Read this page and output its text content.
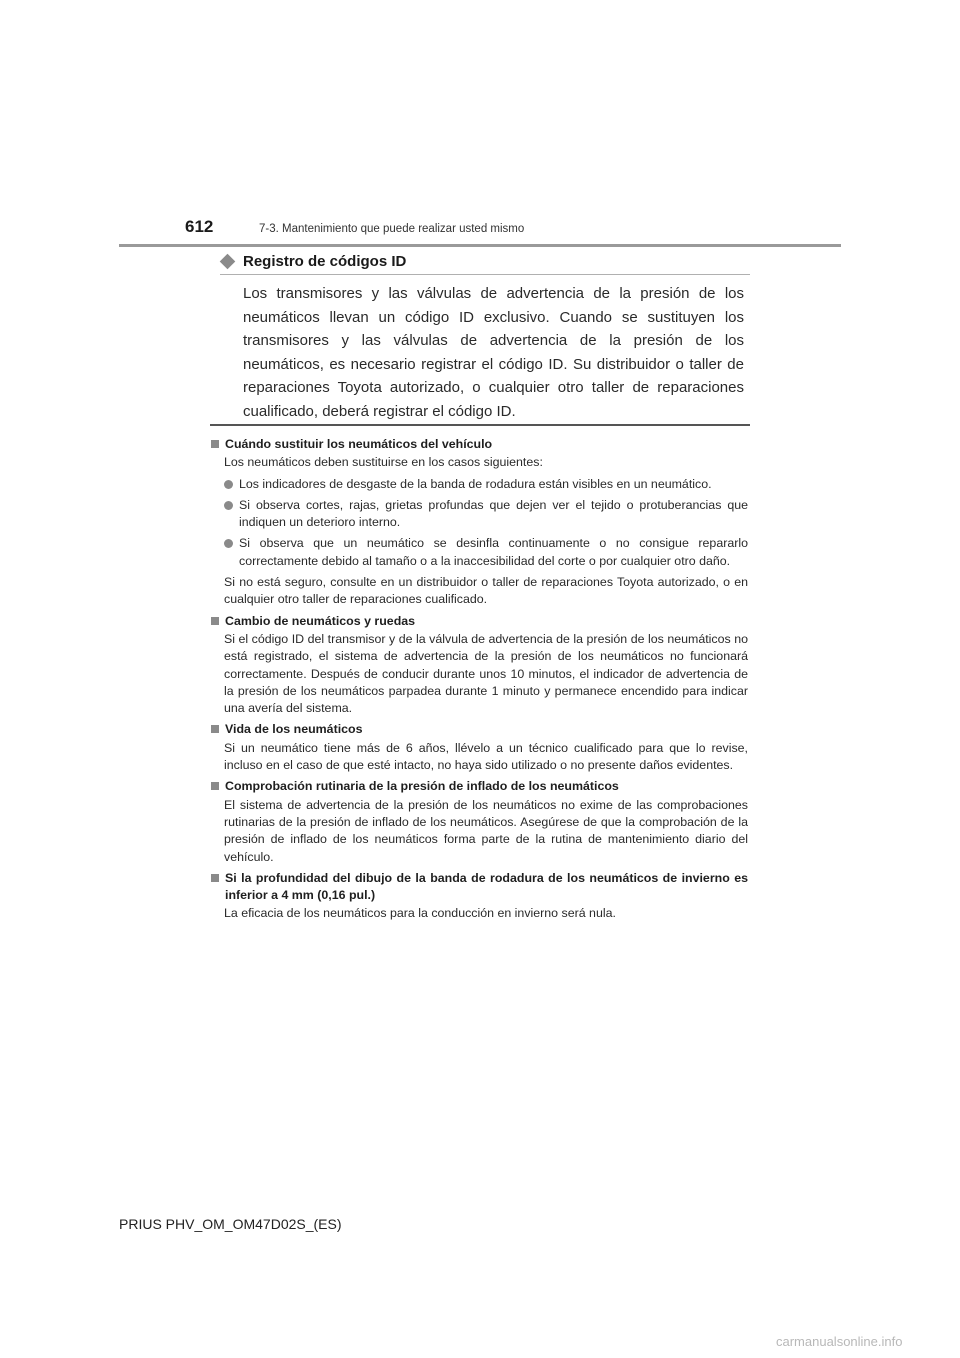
612	7-3. Mantenimiento que puede realizar usted mismo
Registro de códigos ID
Los transmisores y las válvulas de advertencia de la presión de los neumáticos llevan un código ID exclusivo. Cuando se sustituyen los transmisores y las válvulas de advertencia de la presión de los neumáticos, es necesario registrar el código ID. Su distribuidor o taller de reparaciones Toyota autorizado, o cualquier otro taller de reparaciones cualificado, deberá registrar el código ID.
Cuándo sustituir los neumáticos del vehículo
Los neumáticos deben sustituirse en los casos siguientes:
Los indicadores de desgaste de la banda de rodadura están visibles en un neumático.
Si observa cortes, rajas, grietas profundas que dejen ver el tejido o protuberancias que indiquen un deterioro interno.
Si observa que un neumático se desinfla continuamente o no consigue repararlo correctamente debido al tamaño o a la inaccesibilidad del corte o por cualquier otro daño.
Si no está seguro, consulte en un distribuidor o taller de reparaciones Toyota autorizado, o en cualquier otro taller de reparaciones cualificado.
Cambio de neumáticos y ruedas
Si el código ID del transmisor y de la válvula de advertencia de la presión de los neumáticos no está registrado, el sistema de advertencia de la presión de los neumáticos no funcionará correctamente. Después de conducir durante unos 10 minutos, el indicador de advertencia de la presión de los neumáticos parpadea durante 1 minuto y permanece encendido para indicar una avería del sistema.
Vida de los neumáticos
Si un neumático tiene más de 6 años, llévelo a un técnico cualificado para que lo revise, incluso en el caso de que esté intacto, no haya sido utilizado o no presente daños evidentes.
Comprobación rutinaria de la presión de inflado de los neumáticos
El sistema de advertencia de la presión de los neumáticos no exime de las comprobaciones rutinarias de la presión de inflado de los neumáticos. Asegúrese de que la comprobación de la presión de inflado de los neumáticos forma parte de la rutina de mantenimiento diario del vehículo.
Si la profundidad del dibujo de la banda de rodadura de los neumáticos de invierno es inferior a 4 mm (0,16 pul.)
La eficacia de los neumáticos para la conducción en invierno será nula.
PRIUS PHV_OM_OM47D02S_(ES)
carmanualsonline.info
